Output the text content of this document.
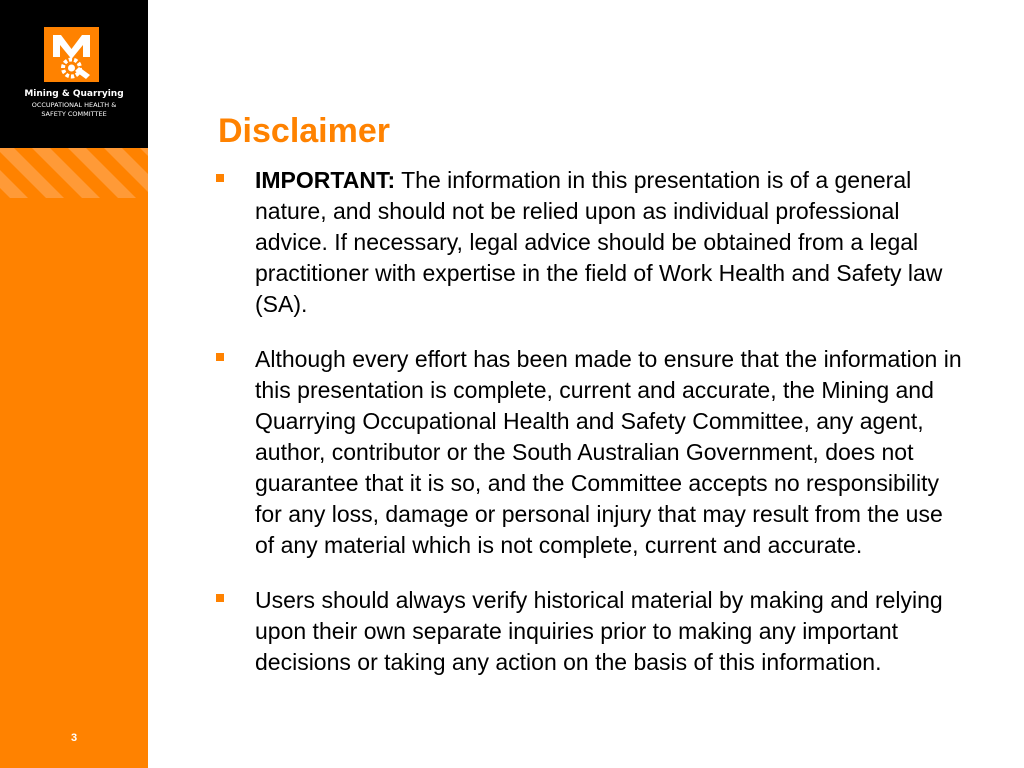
Mining & Quarrying
OCCUPATIONAL HEALTH &
SAFETY COMMITTEE
3
Disclaimer
IMPORTANT: The information in this presentation is of a general nature, and should not be relied upon as individual professional advice. If necessary, legal advice should be obtained from a legal practitioner with expertise in the field of Work Health and Safety law (SA).
Although every effort has been made to ensure that the information in this presentation is complete, current and accurate, the Mining and Quarrying Occupational Health and Safety Committee, any agent, author, contributor or the South Australian Government, does not guarantee that it is so, and the Committee accepts no responsibility for any loss, damage or personal injury that may result from the use of any material which is not complete, current and accurate.
Users should always verify historical material by making and relying upon their own separate inquiries prior to making any important decisions or taking any action on the basis of this information.
